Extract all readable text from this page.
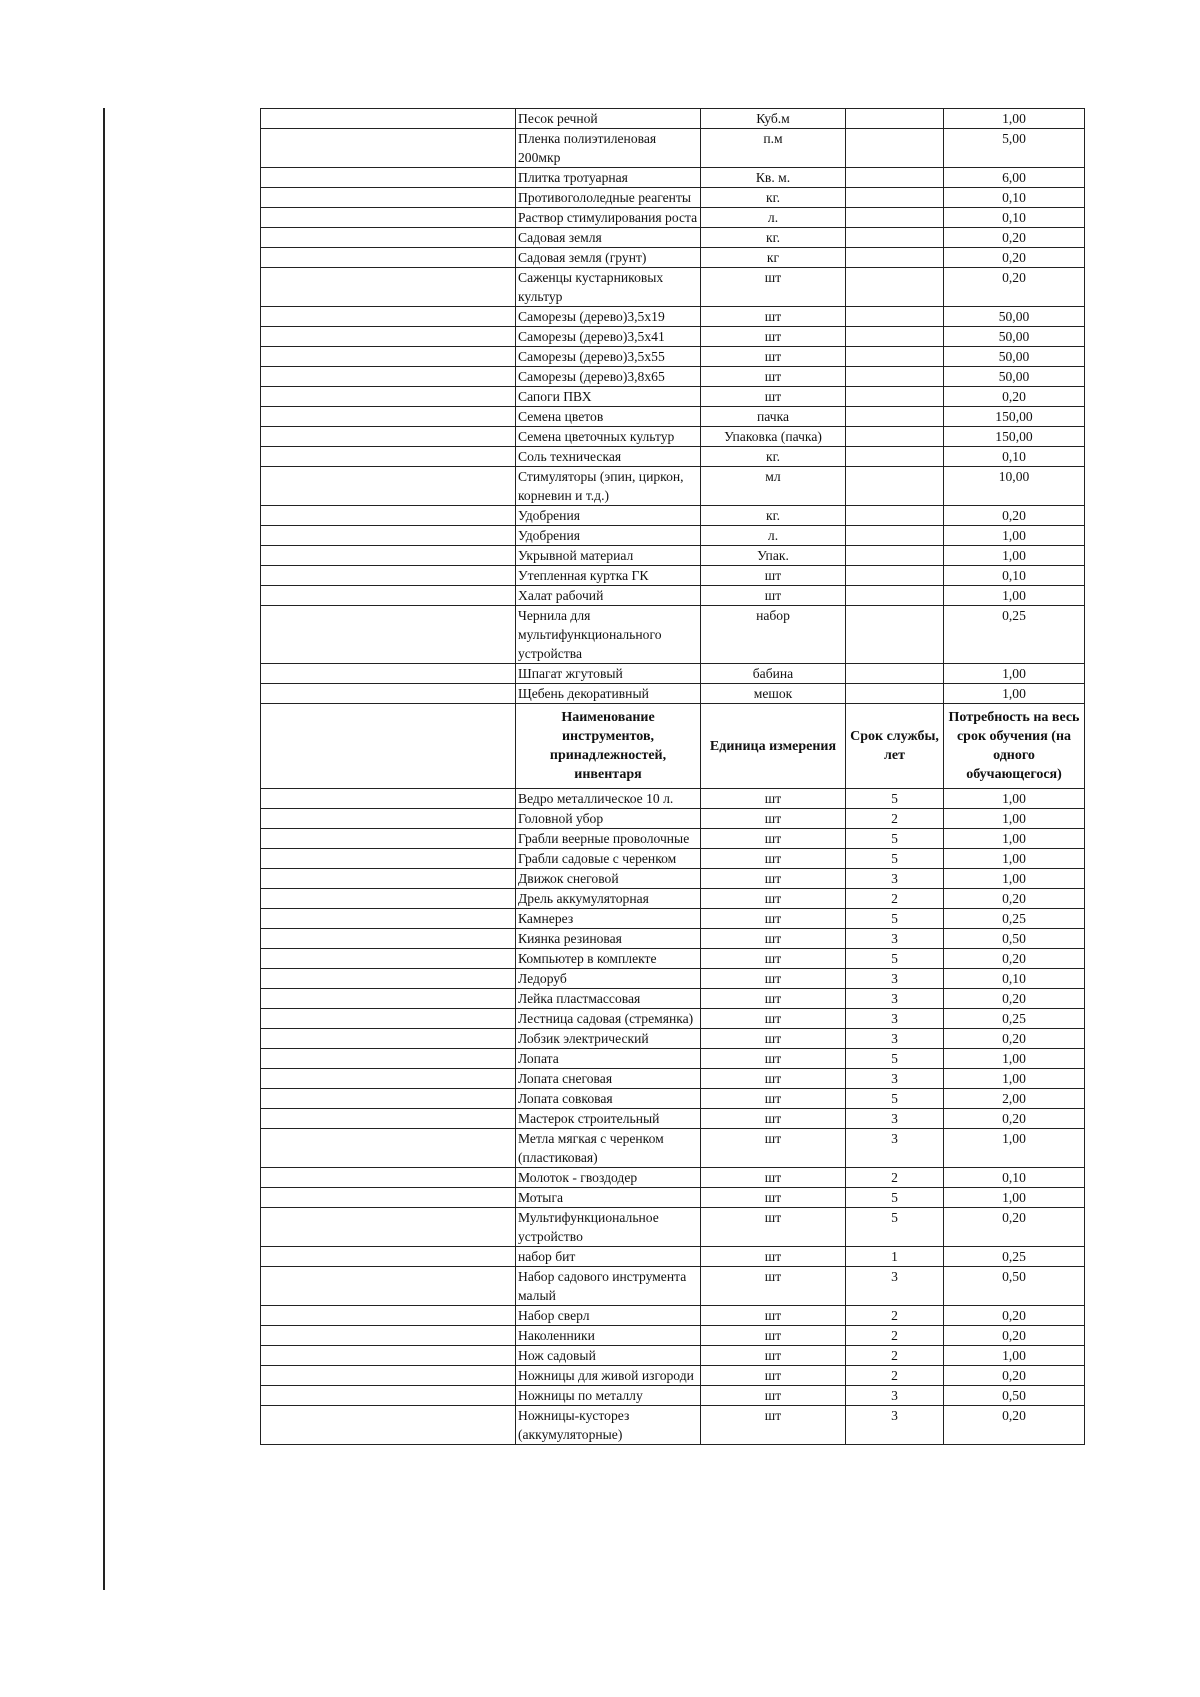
	Песок речной	Куб.м		1,00
	Пленка полиэтиленовая 200мкр	п.м		5,00
	Плитка тротуарная	Кв. м.		6,00
	Противогололедные реагенты	кг.		0,10
	Раствор стимулирования роста	л.		0,10
	Садовая земля	кг.		0,20
	Садовая земля (грунт)	кг		0,20
	Саженцы кустарниковых культур	шт		0,20
	Саморезы (дерево)3,5х19	шт		50,00
	Саморезы (дерево)3,5х41	шт		50,00
	Саморезы (дерево)3,5х55	шт		50,00
	Саморезы (дерево)3,8х65	шт		50,00
	Сапоги ПВХ	шт		0,20
	Семена цветов	пачка		150,00
	Семена цветочных культур	Упаковка (пачка)		150,00
	Соль техническая	кг.		0,10
	Стимуляторы (эпин, циркон, корневин и т.д.)	мл		10,00
	Удобрения	кг.		0,20
	Удобрения	л.		1,00
	Укрывной материал	Упак.		1,00
	Утепленная куртка ГК	шт		0,10
	Халат рабочий	шт		1,00
	Чернила для мультифункционального устройства	набор		0,25
	Шпагат жгутовый	бабина		1,00
	Щебень декоративный	мешок		1,00
	Наименование инструментов, принадлежностей, инвентаря	Единица измерения	Срок службы, лет	Потребность на весь срок обучения (на одного обучающегося)
	Ведро металлическое 10 л.	шт	5	1,00
	Головной убор	шт	2	1,00
	Грабли веерные проволочные	шт	5	1,00
	Грабли садовые с черенком	шт	5	1,00
	Движок снеговой	шт	3	1,00
	Дрель аккумуляторная	шт	2	0,20
	Камнерез	шт	5	0,25
	Киянка резиновая	шт	3	0,50
	Компьютер в комплекте	шт	5	0,20
	Ледоруб	шт	3	0,10
	Лейка пластмассовая	шт	3	0,20
	Лестница садовая (стремянка)	шт	3	0,25
	Лобзик электрический	шт	3	0,20
	Лопата	шт	5	1,00
	Лопата снеговая	шт	3	1,00
	Лопата совковая	шт	5	2,00
	Мастерок строительный	шт	3	0,20
	Метла мягкая с черенком (пластиковая)	шт	3	1,00
	Молоток - гвоздодер	шт	2	0,10
	Мотыга	шт	5	1,00
	Мультифункциональное устройство	шт	5	0,20
	набор бит	шт	1	0,25
	Набор садового инструмента малый	шт	3	0,50
	Набор сверл	шт	2	0,20
	Наколенники	шт	2	0,20
	Нож садовый	шт	2	1,00
	Ножницы для живой изгороди	шт	2	0,20
	Ножницы по металлу	шт	3	0,50
	Ножницы-кусторез (аккумуляторные)	шт	3	0,20
